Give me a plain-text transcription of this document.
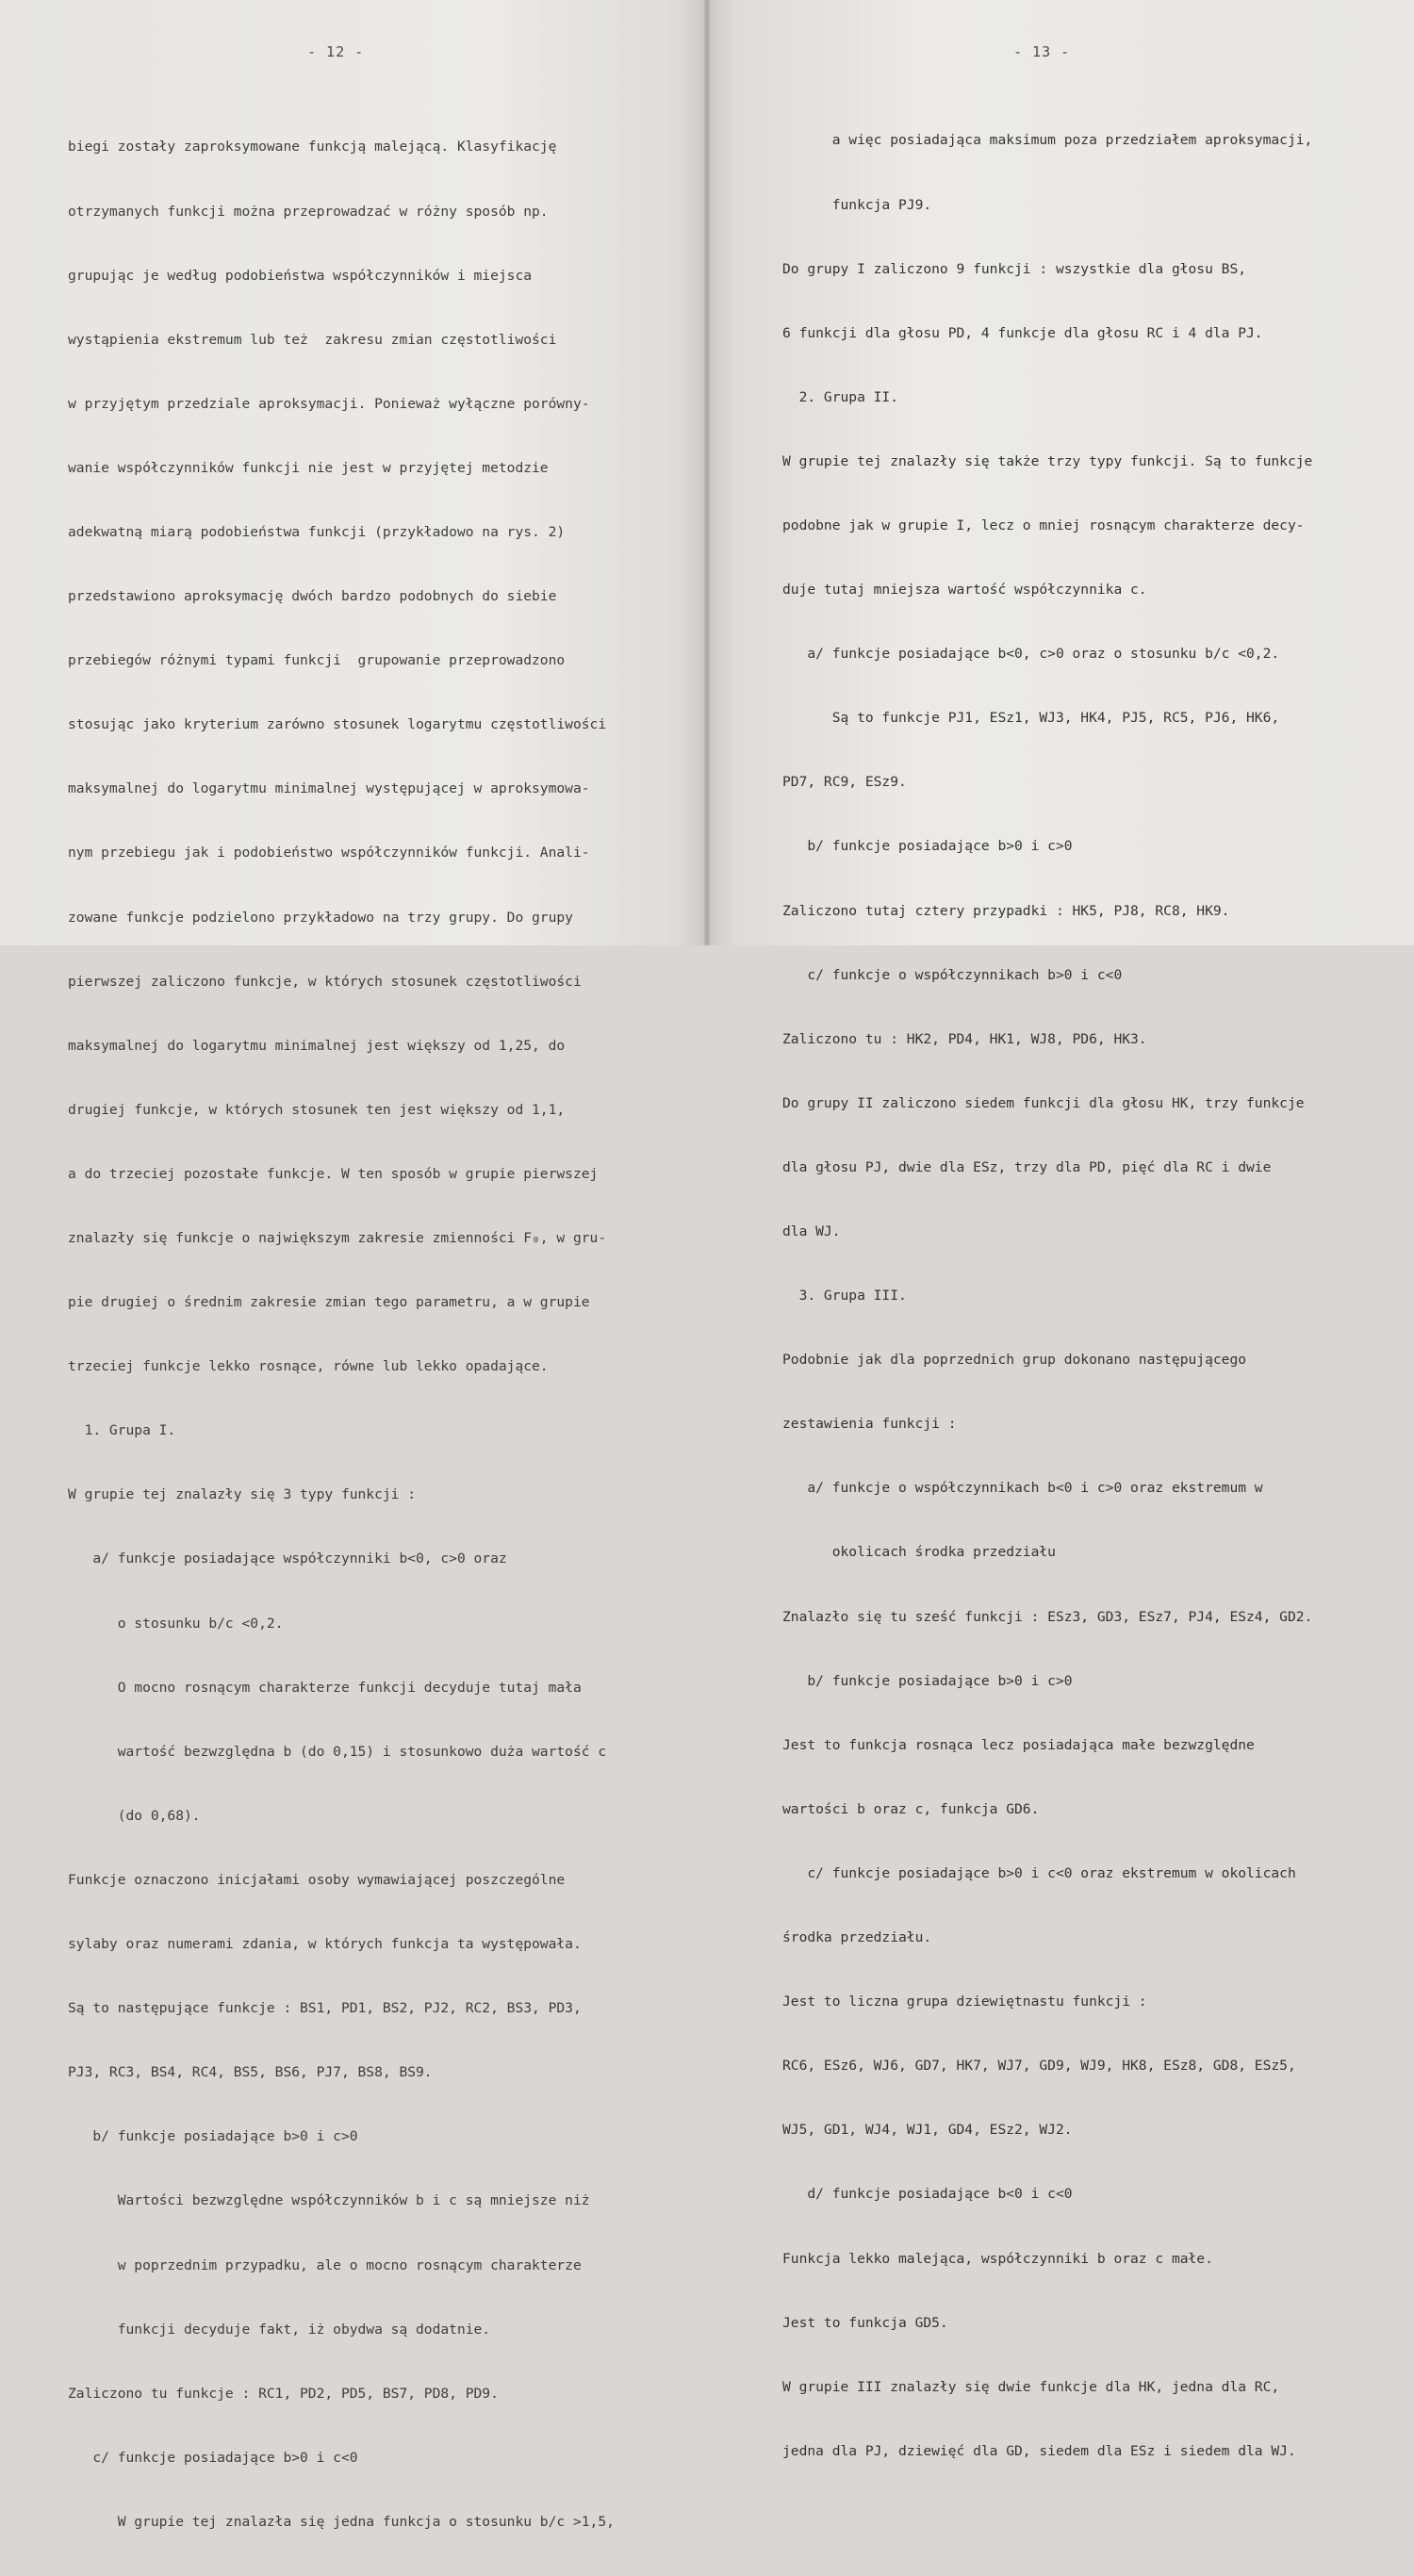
- 12 -

biegi zostały zaproksymowane funkcją malejącą. Klasyfikację

otrzymanych funkcji można przeprowadzać w różny sposób np.

grupując je według podobieństwa współczynników i miejsca

wystąpienia ekstremum lub też  zakresu zmian częstotliwości

w przyjętym przedziale aproksymacji. Ponieważ wyłączne porówny-

wanie współczynników funkcji nie jest w przyjętej metodzie

adekwatną miarą podobieństwa funkcji (przykładowo na rys. 2)

przedstawiono aproksymację dwóch bardzo podobnych do siebie

przebiegów różnymi typami funkcji  grupowanie przeprowadzono

stosując jako kryterium zarówno stosunek logarytmu częstotliwości

maksymalnej do logarytmu minimalnej występującej w aproksymowa-

nym przebiegu jak i podobieństwo współczynników funkcji. Anali-

zowane funkcje podzielono przykładowo na trzy grupy. Do grupy

pierwszej zaliczono funkcje, w których stosunek częstotliwości

maksymalnej do logarytmu minimalnej jest większy od 1,25, do

drugiej funkcje, w których stosunek ten jest większy od 1,1,

a do trzeciej pozostałe funkcje. W ten sposób w grupie pierwszej

znalazły się funkcje o największym zakresie zmienności F₀, w gru-

pie drugiej o średnim zakresie zmian tego parametru, a w grupie

trzeciej funkcje lekko rosnące, równe lub lekko opadające.

1. Grupa I.

W grupie tej znalazły się 3 typy funkcji :

a/ funkcje posiadające współczynniki b<0, c>0 oraz

o stosunku b/c <0,2.

O mocno rosnącym charakterze funkcji decyduje tutaj mała

wartość bezwzględna b (do 0,15) i stosunkowo duża wartość c

(do 0,68).

Funkcje oznaczono inicjałami osoby wymawiającej poszczególne

sylaby oraz numerami zdania, w których funkcja ta występowała.

Są to następujące funkcje : BS1, PD1, BS2, PJ2, RC2, BS3, PD3,

PJ3, RC3, BS4, RC4, BS5, BS6, PJ7, BS8, BS9.

b/ funkcje posiadające b>0 i c>0

Wartości bezwzględne współczynników b i c są mniejsze niż

w poprzednim przypadku, ale o mocno rosnącym charakterze

funkcji decyduje fakt, iż obydwa są dodatnie.

Zaliczono tu funkcje : RC1, PD2, PD5, BS7, PD8, PD9.

c/ funkcje posiadające b>0 i c<0

W grupie tej znalazła się jedna funkcja o stosunku b/c >1,5,

- 13 -

a więc posiadająca maksimum poza przedziałem aproksymacji,

funkcja PJ9.

Do grupy I zaliczono 9 funkcji : wszystkie dla głosu BS,

6 funkcji dla głosu PD, 4 funkcje dla głosu RC i 4 dla PJ.

2. Grupa II.

W grupie tej znalazły się także trzy typy funkcji. Są to funkcje

podobne jak w grupie I, lecz o mniej rosnącym charakterze decy-

duje tutaj mniejsza wartość współczynnika c.

a/ funkcje posiadające b<0, c>0 oraz o stosunku b/c <0,2.

Są to funkcje PJ1, ESz1, WJ3, HK4, PJ5, RC5, PJ6, HK6,

PD7, RC9, ESz9.

b/ funkcje posiadające b>0 i c>0

Zaliczono tutaj cztery przypadki : HK5, PJ8, RC8, HK9.

c/ funkcje o współczynnikach b>0 i c<0

Zaliczono tu : HK2, PD4, HK1, WJ8, PD6, HK3.

Do grupy II zaliczono siedem funkcji dla głosu HK, trzy funkcje

dla głosu PJ, dwie dla ESz, trzy dla PD, pięć dla RC i dwie

dla WJ.

3. Grupa III.

Podobnie jak dla poprzednich grup dokonano następującego

zestawienia funkcji :

a/ funkcje o współczynnikach b<0 i c>0 oraz ekstremum w

okolicach środka przedziału

Znalazło się tu sześć funkcji : ESz3, GD3, ESz7, PJ4, ESz4, GD2.

b/ funkcje posiadające b>0 i c>0

Jest to funkcja rosnąca lecz posiadająca małe bezwzględne

wartości b oraz c, funkcja GD6.

c/ funkcje posiadające b>0 i c<0 oraz ekstremum w okolicach

środka przedziału.

Jest to liczna grupa dziewiętnastu funkcji :

RC6, ESz6, WJ6, GD7, HK7, WJ7, GD9, WJ9, HK8, ESz8, GD8, ESz5,

WJ5, GD1, WJ4, WJ1, GD4, ESz2, WJ2.

d/ funkcje posiadające b<0 i c<0

Funkcja lekko malejąca, współczynniki b oraz c małe.

Jest to funkcja GD5.

W grupie III znalazły się dwie funkcje dla HK, jedna dla RC,

jedna dla PJ, dziewięć dla GD, siedem dla ESz i siedem dla WJ.
